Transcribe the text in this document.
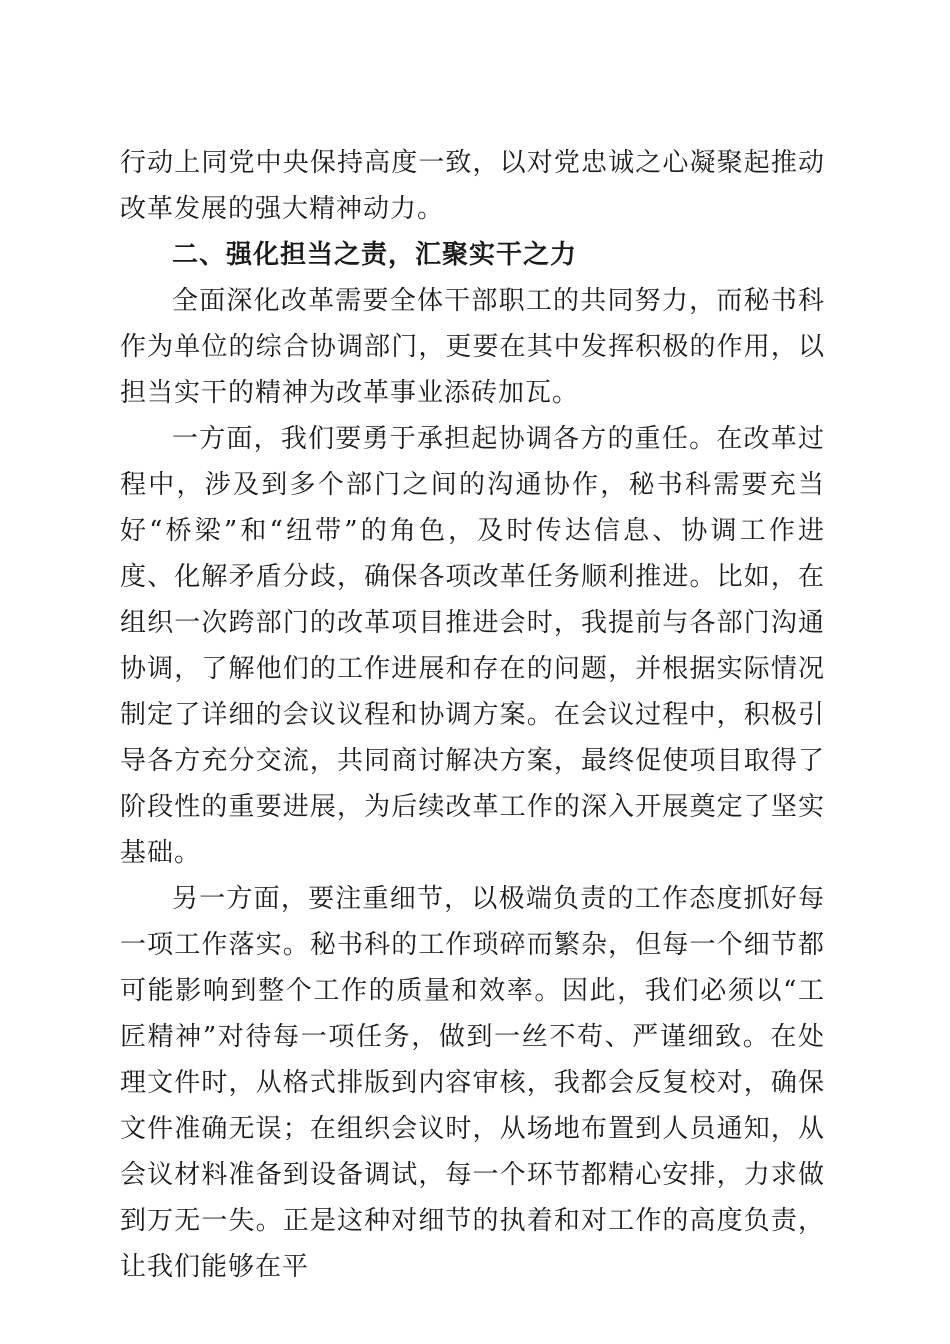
行动上同党中央保持高度一致，以对党忠诚之心凝聚起推动改革发展的强大精神动力。

二、强化担当之责，汇聚实干之力

全面深化改革需要全体干部职工的共同努力，而秘书科作为单位的综合协调部门，更要在其中发挥积极的作用，以担当实干的精神为改革事业添砖加瓦。

一方面，我们要勇于承担起协调各方的重任。在改革过程中，涉及到多个部门之间的沟通协作，秘书科需要充当好“桥梁”和“纽带”的角色，及时传达信息、协调工作进度、化解矛盾分歧，确保各项改革任务顺利推进。比如，在组织一次跨部门的改革项目推进会时，我提前与各部门沟通协调，了解他们的工作进展和存在的问题，并根据实际情况制定了详细的会议议程和协调方案。在会议过程中，积极引导各方充分交流，共同商讨解决方案，最终促使项目取得了阶段性的重要进展，为后续改革工作的深入开展奠定了坚实基础。

另一方面，要注重细节，以极端负责的工作态度抓好每一项工作落实。秘书科的工作琐碎而繁杂，但每一个细节都可能影响到整个工作的质量和效率。因此，我们必须以“工匠精神”对待每一项任务，做到一丝不苟、严谨细致。在处理文件时，从格式排版到内容审核，我都会反复校对，确保文件准确无误；在组织会议时，从场地布置到人员通知，从会议材料准备到设备调试，每一个环节都精心安排，力求做到万无一失。正是这种对细节的执着和对工作的高度负责，让我们能够在平
